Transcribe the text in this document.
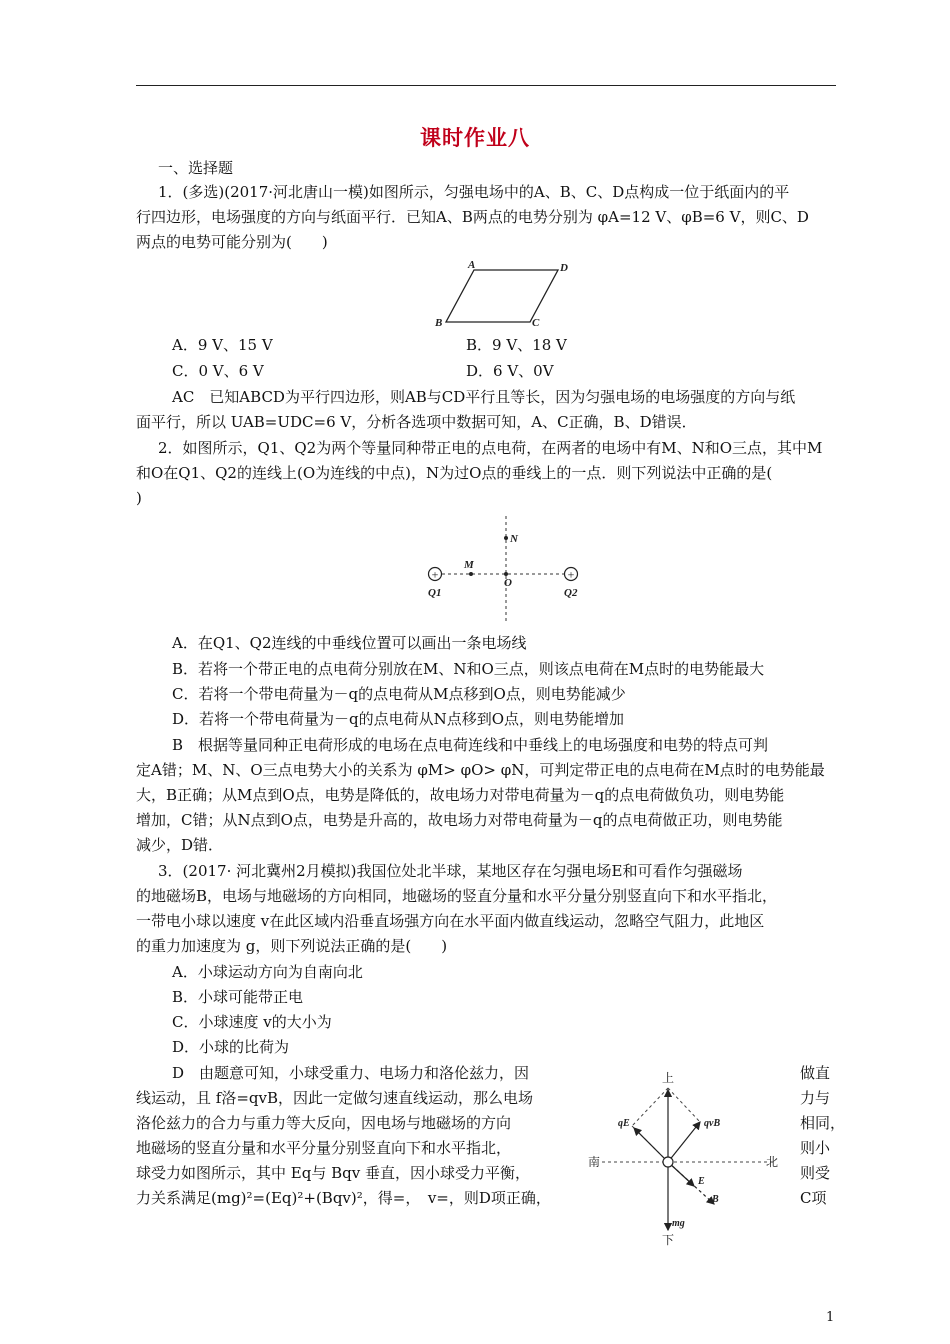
课时作业八
一、选择题
1．(多选)(2017·河北唐山一模)如图所示，匀强电场中的A、B、C、D点构成一位于纸面内的平
行四边形，电场强度的方向与纸面平行．已知A、B两点的电势分别为 φA=12 V、φB=6 V，则C、D
两点的电势可能分别为(　　)
A	D
B	C
A．9 V、15 V	B．9 V、18 V
C．0 V、6 V	D．6 V、0V
AC　已知ABCD为平行四边形，则AB与CD平行且等长，因为匀强电场的电场强度的方向与纸
面平行，所以 UAB=UDC=6 V，分析各选项中数据可知，A、C正确，B、D错误．
2．如图所示，Q1、Q2为两个等量同种带正电的点电荷，在两者的电场中有M、N和O三点，其中M
和O在Q1、Q2的连线上(O为连线的中点)，N为过O点的垂线上的一点．则下列说法中正确的是(
)
+	+
N
M
O
Q1	Q2
A．在Q1、Q2连线的中垂线位置可以画出一条电场线
B．若将一个带正电的点电荷分别放在M、N和O三点，则该点电荷在M点时的电势能最大
C．若将一个带电荷量为－q的点电荷从M点移到O点，则电势能减少
D．若将一个带电荷量为－q的点电荷从N点移到O点，则电势能增加
B　根据等量同种正电荷形成的电场在点电荷连线和中垂线上的电场强度和电势的特点可判
定A错；M、N、O三点电势大小的关系为 φM> φO> φN，可判定带正电的点电荷在M点时的电势能最
大，B正确；从M点到O点，电势是降低的，故电场力对带电荷量为－q的点电荷做负功，则电势能
增加，C错；从N点到O点，电势是升高的，故电场力对带电荷量为－q的点电荷做正功，则电势能
减少，D错．
3．(2017· 河北冀州2月模拟)我国位处北半球，某地区存在匀强电场E和可看作匀强磁场
的地磁场B，电场与地磁场的方向相同，地磁场的竖直分量和水平分量分别竖直向下和水平指北，
一带电小球以速度 v在此区域内沿垂直场强方向在水平面内做直线运动，忽略空气阻力，此地区
的重力加速度为 g，则下列说法正确的是(　　)
A．小球运动方向为自南向北
B．小球可能带正电
C．小球速度 v的大小为
D．小球的比荷为
D　由题意可知，小球受重力、电场力和洛伦兹力，因
线运动，且 f洛=qvB，因此一定做匀速直线运动，那么电场
洛伦兹力的合力与重力等大反向，因电场与地磁场的方向
地磁场的竖直分量和水平分量分别竖直向下和水平指北，
球受力如图所示，其中 Eq与 Bqv 垂直，因小球受力平衡，
力关系满足(mg)²=(Eq)²+(Bqv)²，得=，　v=，则D项正确，
做直
力与
相同，
则小
则受
C项
上
下
南	北
qE	qvB
E
B
mg
1
